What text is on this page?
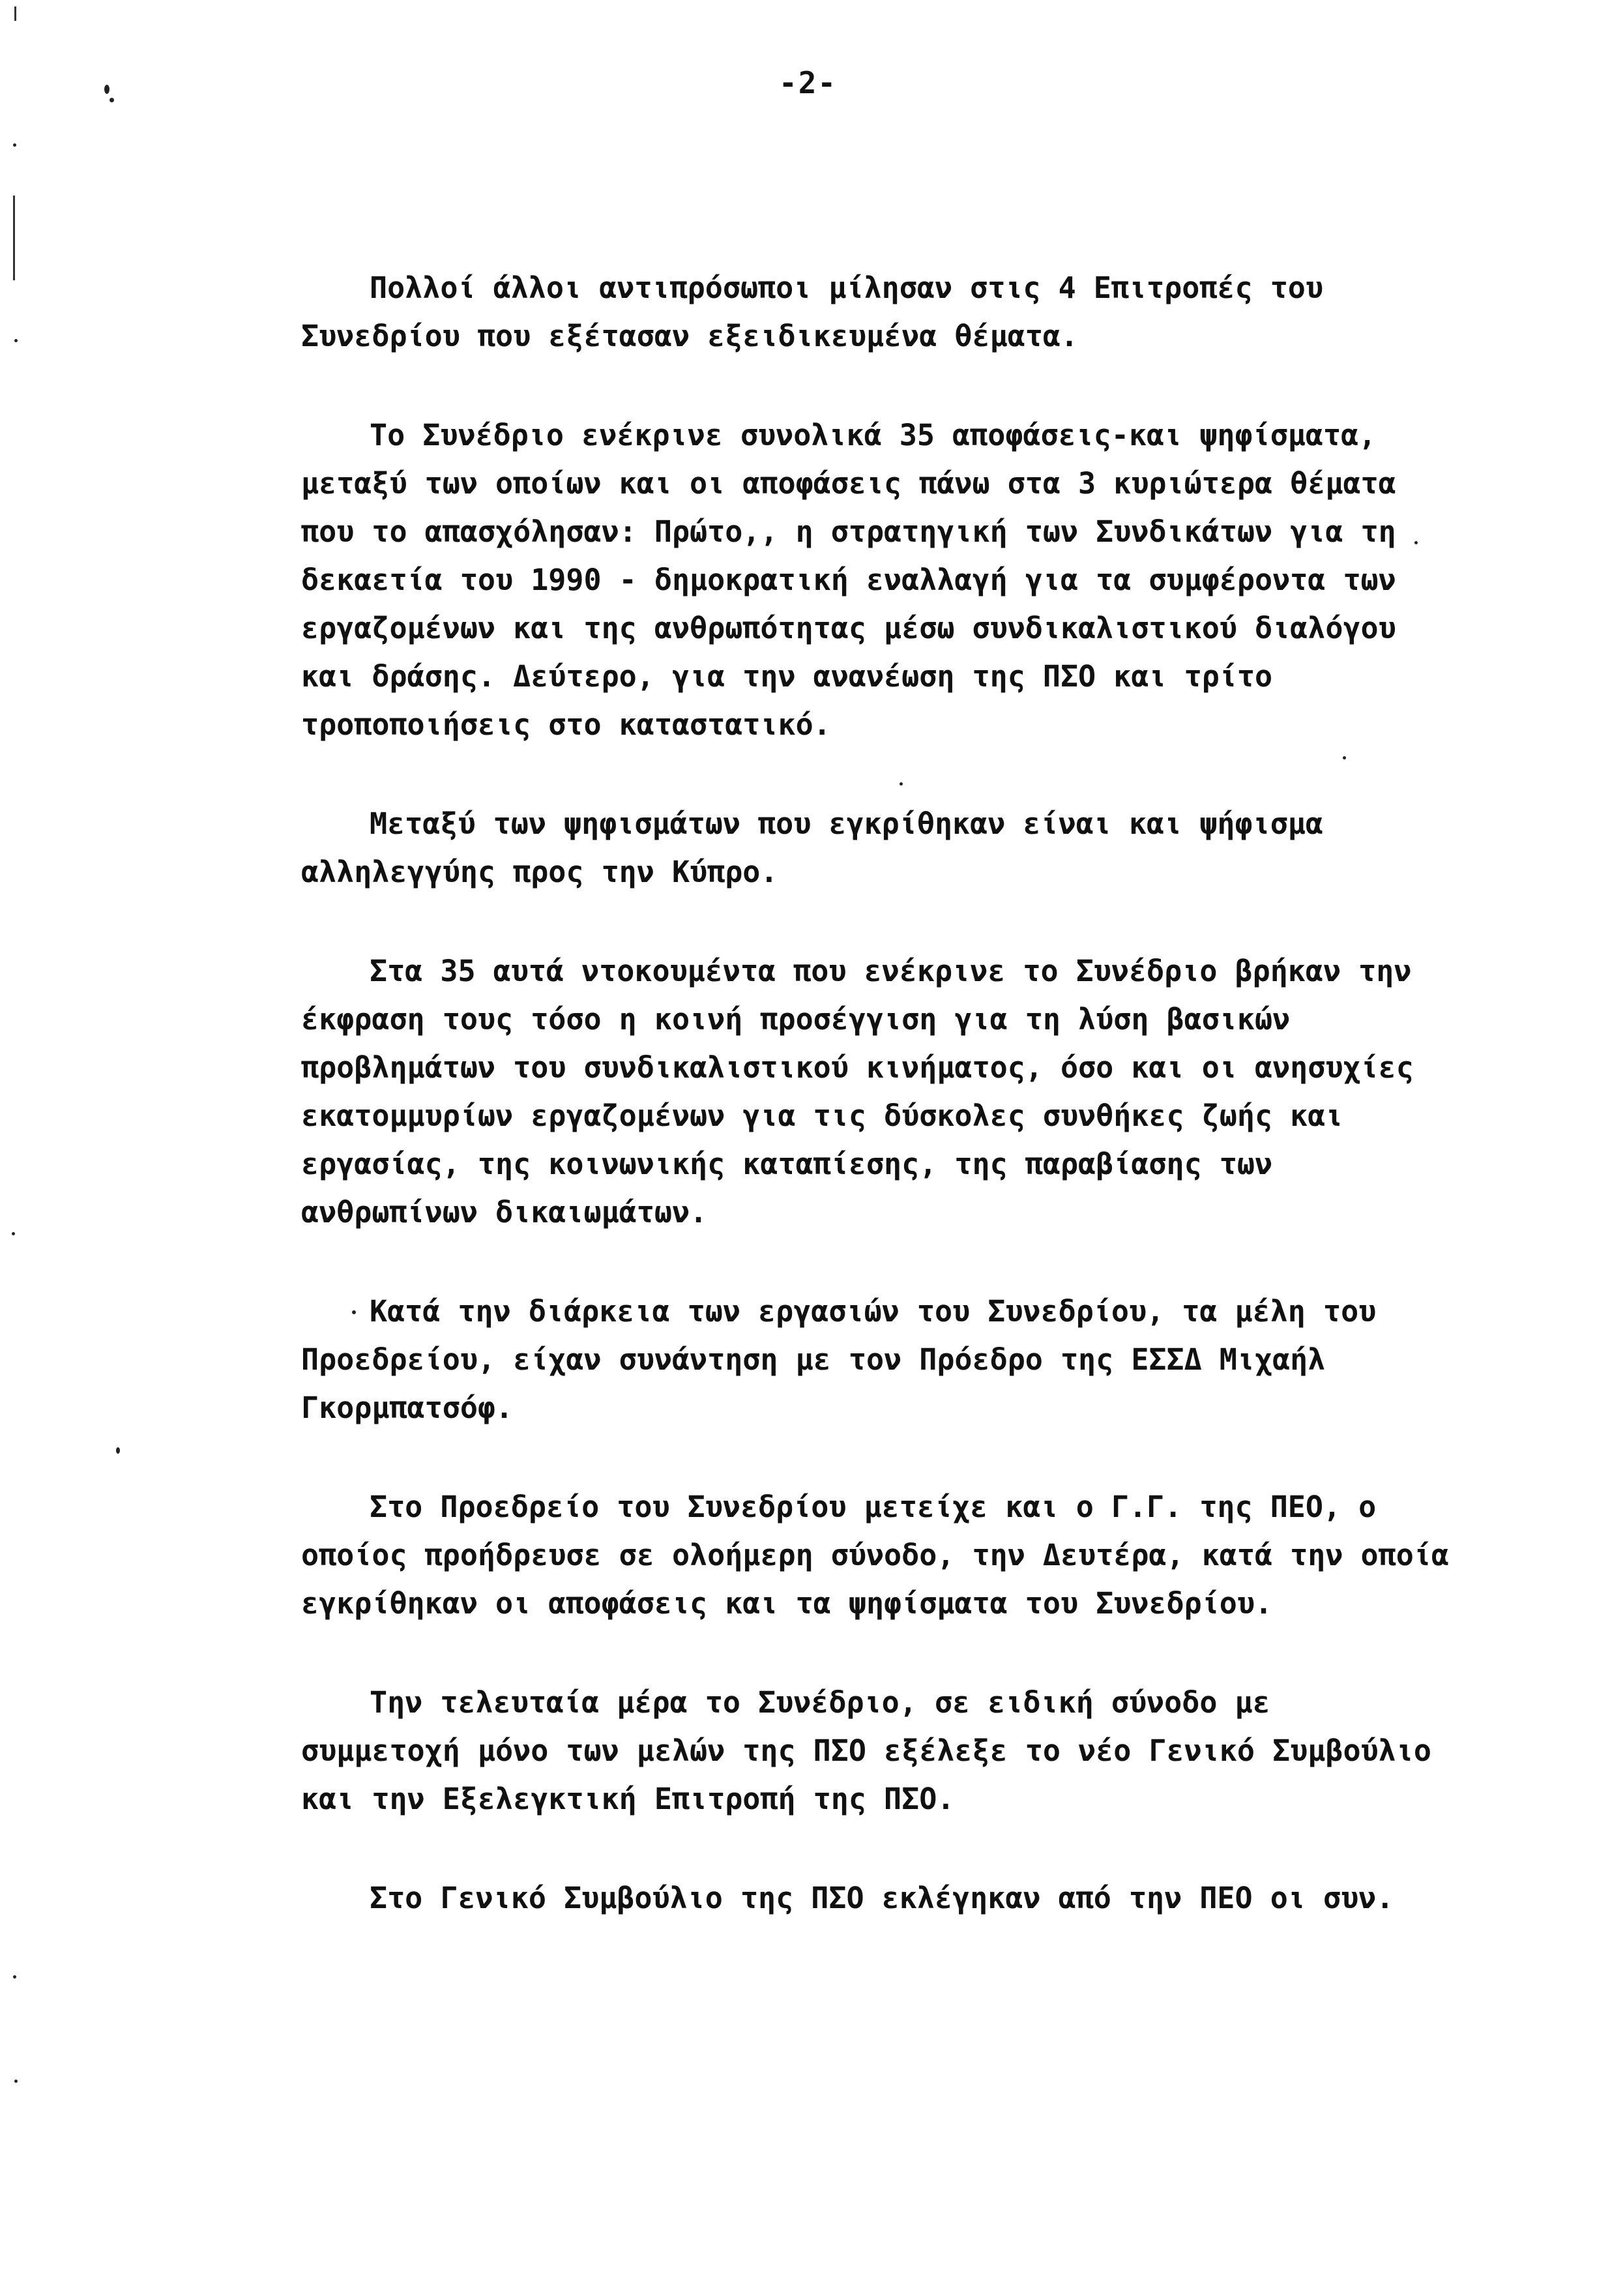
-2-

Πολλοί άλλοι αντιπρόσωποι μίλησαν στις 4 Επιτροπές του
Συνεδρίου που εξέτασαν εξειδικευμένα θέματα.

Το Συνέδριο ενέκρινε συνολικά 35 αποφάσεις-και ψηφίσματα,
μεταξύ των οποίων και οι αποφάσεις πάνω στα 3 κυριώτερα θέματα
που το απασχόλησαν: Πρώτο,, η στρατηγική των Συνδικάτων για τη
δεκαετία του 1990 - δημοκρατική εναλλαγή για τα συμφέροντα των
εργαζομένων και της ανθρωπότητας μέσω συνδικαλιστικού διαλόγου
και δράσης. Δεύτερο, για την ανανέωση της ΠΣΟ και τρίτο
τροποποιήσεις στο καταστατικό.

Μεταξύ των ψηφισμάτων που εγκρίθηκαν είναι και ψήφισμα
αλληλεγγύης προς την Κύπρο.

Στα 35 αυτά ντοκουμέντα που ενέκρινε το Συνέδριο βρήκαν την
έκφραση τους τόσο η κοινή προσέγγιση για τη λύση βασικών
προβλημάτων του συνδικαλιστικού κινήματος, όσο και οι ανησυχίες
εκατομμυρίων εργαζομένων για τις δύσκολες συνθήκες ζωής και
εργασίας, της κοινωνικής καταπίεσης, της παραβίασης των
ανθρωπίνων δικαιωμάτων.

Κατά την διάρκεια των εργασιών του Συνεδρίου, τα μέλη του
Προεδρείου, είχαν συνάντηση με τον Πρόεδρο της ΕΣΣΔ Μιχαήλ
Γκορμπατσόφ.

Στο Προεδρείο του Συνεδρίου μετείχε και ο Γ.Γ. της ΠΕΟ, ο
οποίος προήδρευσε σε ολοήμερη σύνοδο, την Δευτέρα, κατά την οποία
εγκρίθηκαν οι αποφάσεις και τα ψηφίσματα του Συνεδρίου.

Την τελευταία μέρα το Συνέδριο, σε ειδική σύνοδο με
συμμετοχή μόνο των μελών της ΠΣΟ εξέλεξε το νέο Γενικό Συμβούλιο
και την Εξελεγκτική Επιτροπή της ΠΣΟ.

Στο Γενικό Συμβούλιο της ΠΣΟ εκλέγηκαν από την ΠΕΟ οι συν.
